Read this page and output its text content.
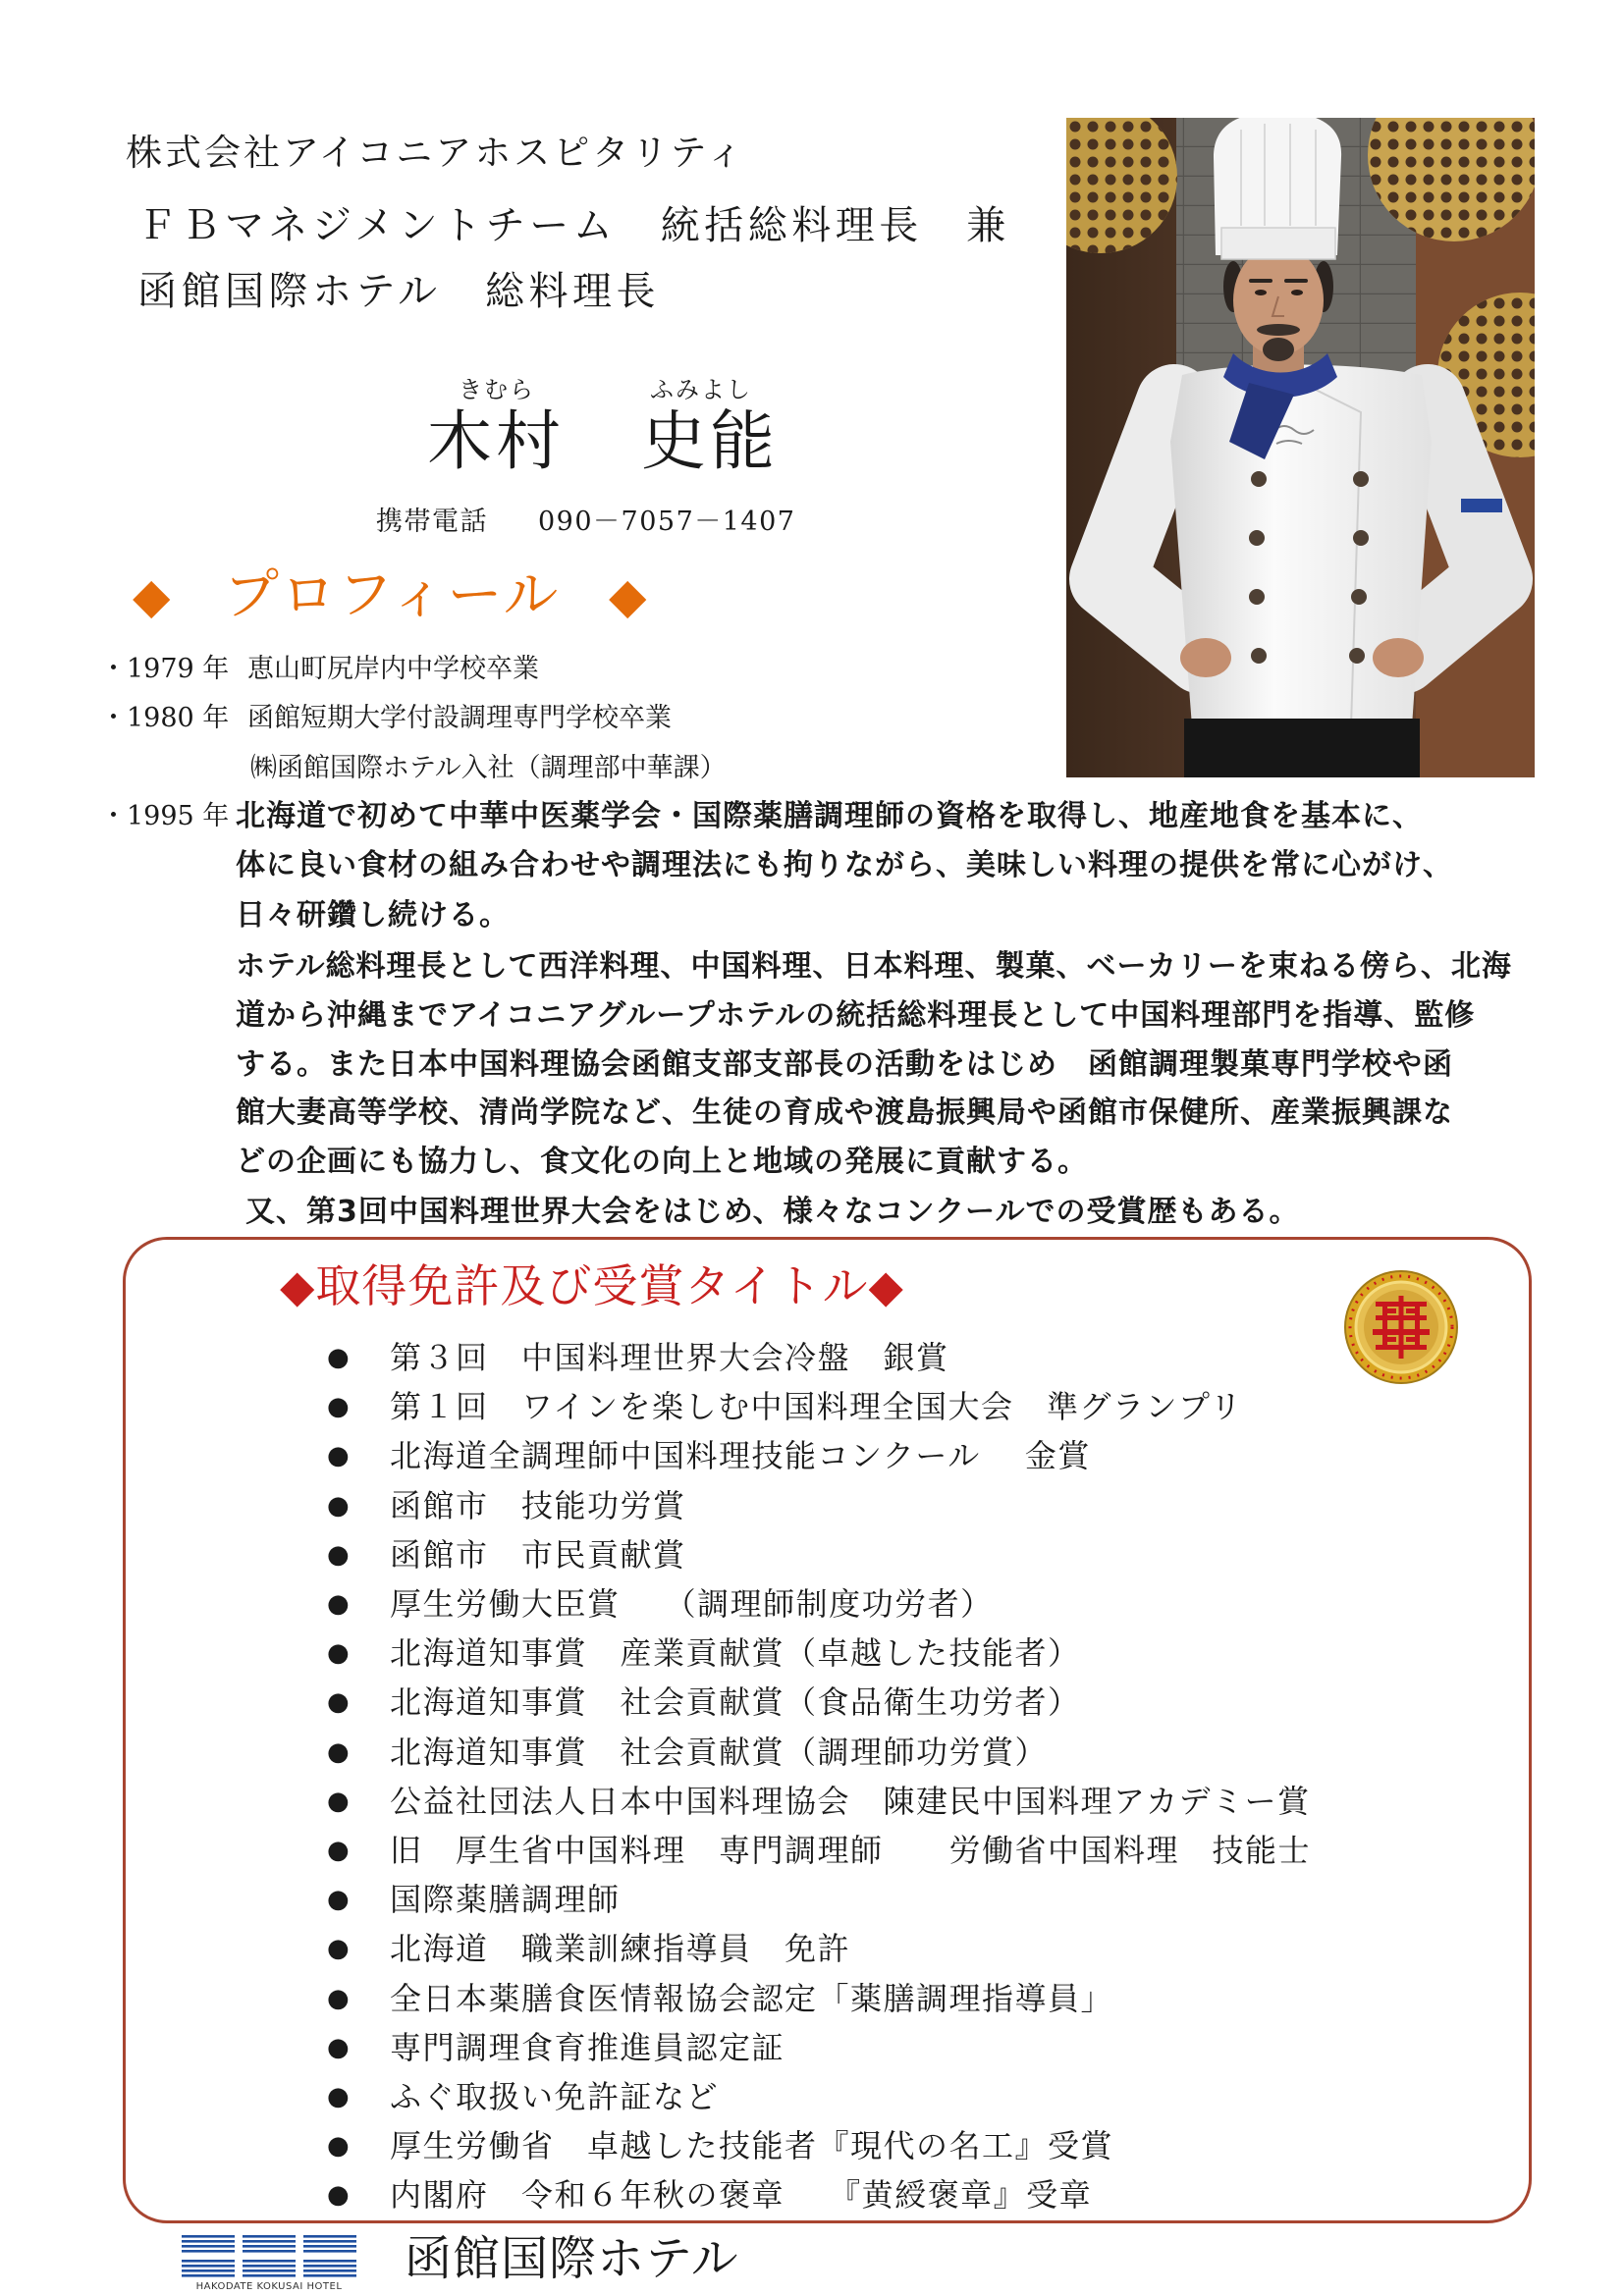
株式会社アイコニアホスピタリティ
ＦＢマネジメントチーム　統括総料理長　兼
函館国際ホテル　総料理長
きむら	ふみよし
木村 史能
携帯電話 090－7057－1407
◆ プロフィール ◆
・1979 年 恵山町尻岸内中学校卒業
・1980 年 函館短期大学付設調理専門学校卒業
㈱函館国際ホテル入社（調理部中華課）
・1995 年 北海道で初めて中華中医薬学会・国際薬膳調理師の資格を取得し、地産地食を基本に、
体に良い食材の組み合わせや調理法にも拘りながら、美味しい料理の提供を常に心がけ、
日々研鑽し続ける。
ホテル総料理長として西洋料理、中国料理、日本料理、製菓、ベーカリーを束ねる傍ら、北海
道から沖縄までアイコニアグループホテルの統括総料理長として中国料理部門を指導、監修
する。また日本中国料理協会函館支部支部長の活動をはじめ　函館調理製菓専門学校や函
館大妻高等学校、清尚学院など、生徒の育成や渡島振興局や函館市保健所、産業振興課な
どの企画にも協力し、食文化の向上と地域の発展に貢献する。
又、第3回中国料理世界大会をはじめ、様々なコンクールでの受賞歴もある。
◆取得免許及び受賞タイトル◆
●	第３回　中国料理世界大会冷盤　銀賞
●	第１回　ワインを楽しむ中国料理全国大会　準グランプリ
●	北海道全調理師中国料理技能コンクール　 金賞
●	函館市　技能功労賞
●	函館市　市民貢献賞
●	厚生労働大臣賞　 （調理師制度功労者）
●	北海道知事賞　産業貢献賞（卓越した技能者）
●	北海道知事賞　社会貢献賞（食品衛生功労者）
●	北海道知事賞　社会貢献賞（調理師功労賞）
●	公益社団法人日本中国料理協会　陳建民中国料理アカデミー賞
●	旧　厚生省中国料理　専門調理師　　労働省中国料理　技能士
●	国際薬膳調理師
●	北海道　職業訓練指導員　免許
●	全日本薬膳食医情報協会認定「薬膳調理指導員」
●	専門調理食育推進員認定証
●	ふぐ取扱い免許証など
●	厚生労働省　卓越した技能者『現代の名工』受賞
●	内閣府　令和６年秋の褒章　 『黄綬褒章』受章
HAKODATE KOKUSAI HOTEL
函館国際ホテル
